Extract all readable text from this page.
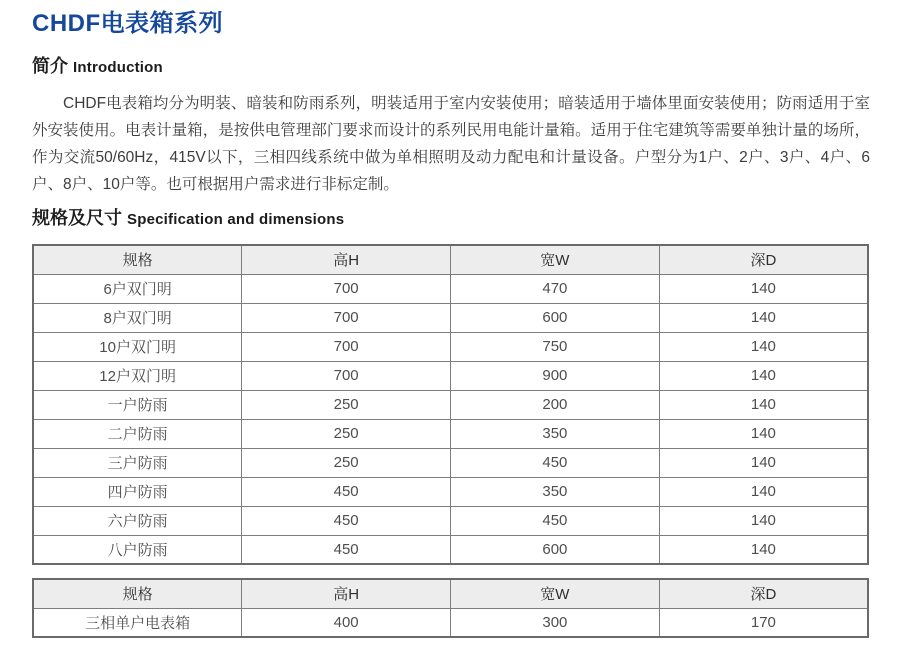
CHDF电表箱系列
简介 Introduction

CHDF电表箱均分为明装、暗装和防雨系列，明装适用于室内安装使用；暗装适用于墙体里面安装使用；防雨适用于室外安装使用。电表计量箱，是按供电管理部门要求而设计的系列民用电能计量箱。适用于住宅建筑等需要单独计量的场所，作为交流50/60Hz，415V以下，三相四线系统中做为单相照明及动力配电和计量设备。户型分为1户、2户、3户、4户、6户、8户、10户等。也可根据用户需求进行非标定制。

规格及尺寸 Specification and dimensions
规格	高H	宽W	深D
6户双门明	700	470	140
8户双门明	700	600	140
10户双门明	700	750	140
12户双门明	700	900	140
一户防雨	250	200	140
二户防雨	250	350	140
三户防雨	250	450	140
四户防雨	450	350	140
六户防雨	450	450	140
八户防雨	450	600	140
规格	高H	宽W	深D
三相单户电表箱	400	300	170
